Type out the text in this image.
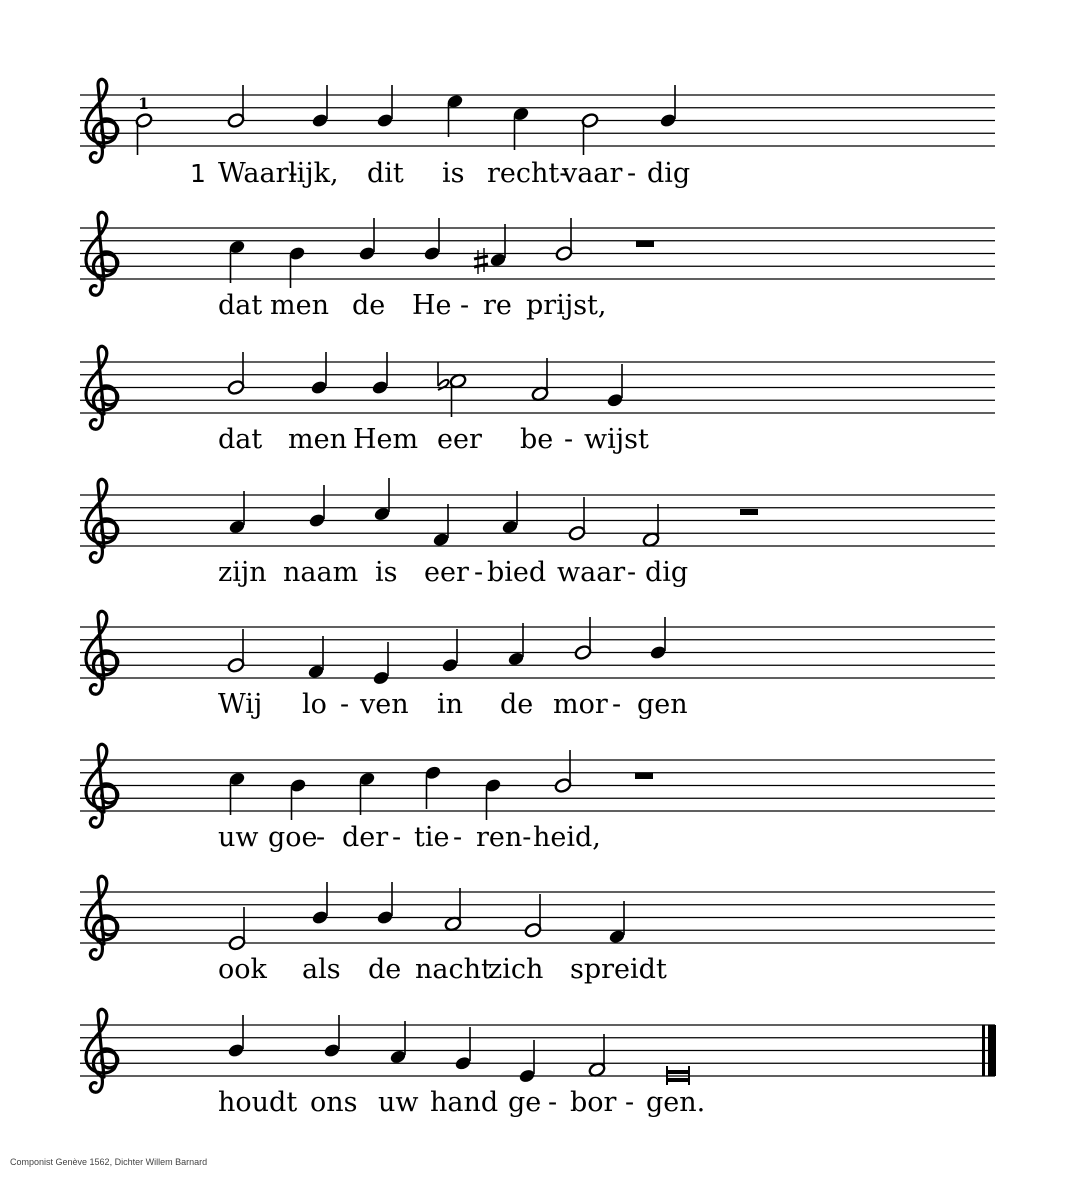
1
1 Waar-lijk, dit is recht-vaar - dig
dat men de He - re prijst,
dat men Hem eer be - wijst
zijn naam is eer - bied waar- dig
Wij lo - ven in de mor - gen
uw goe- der - tie - ren-heid,
ook als de nachtzich spreidt
houdt ons uw hand ge - bor - gen.
Componist Genève 1562, Dichter Willem Barnard
